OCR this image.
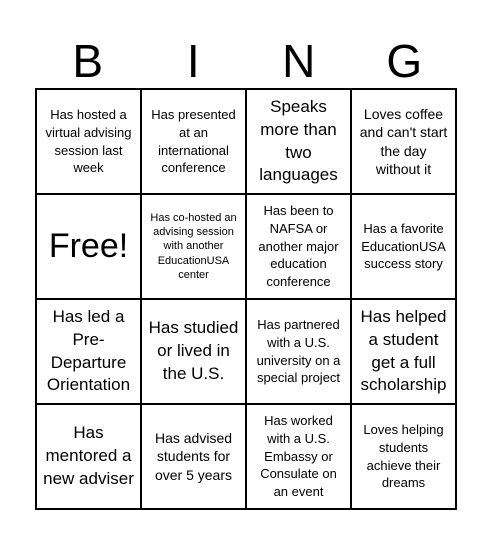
B	I	N	G
Has hosted a virtual advising session last week
Has presented at an international conference
Speaks more than two languages
Loves coffee and can't start the day without it
Free!
Has co-hosted an advising session with another EducationUSA center
Has been to NAFSA or another major education conference
Has a favorite EducationUSA success story
Has led a Pre-Departure Orientation
Has studied or lived in the U.S.
Has partnered with a U.S. university on a special project
Has helped a student get a full scholarship
Has mentored a new adviser
Has advised students for over 5 years
Has worked with a U.S. Embassy or Consulate on an event
Loves helping students achieve their dreams
